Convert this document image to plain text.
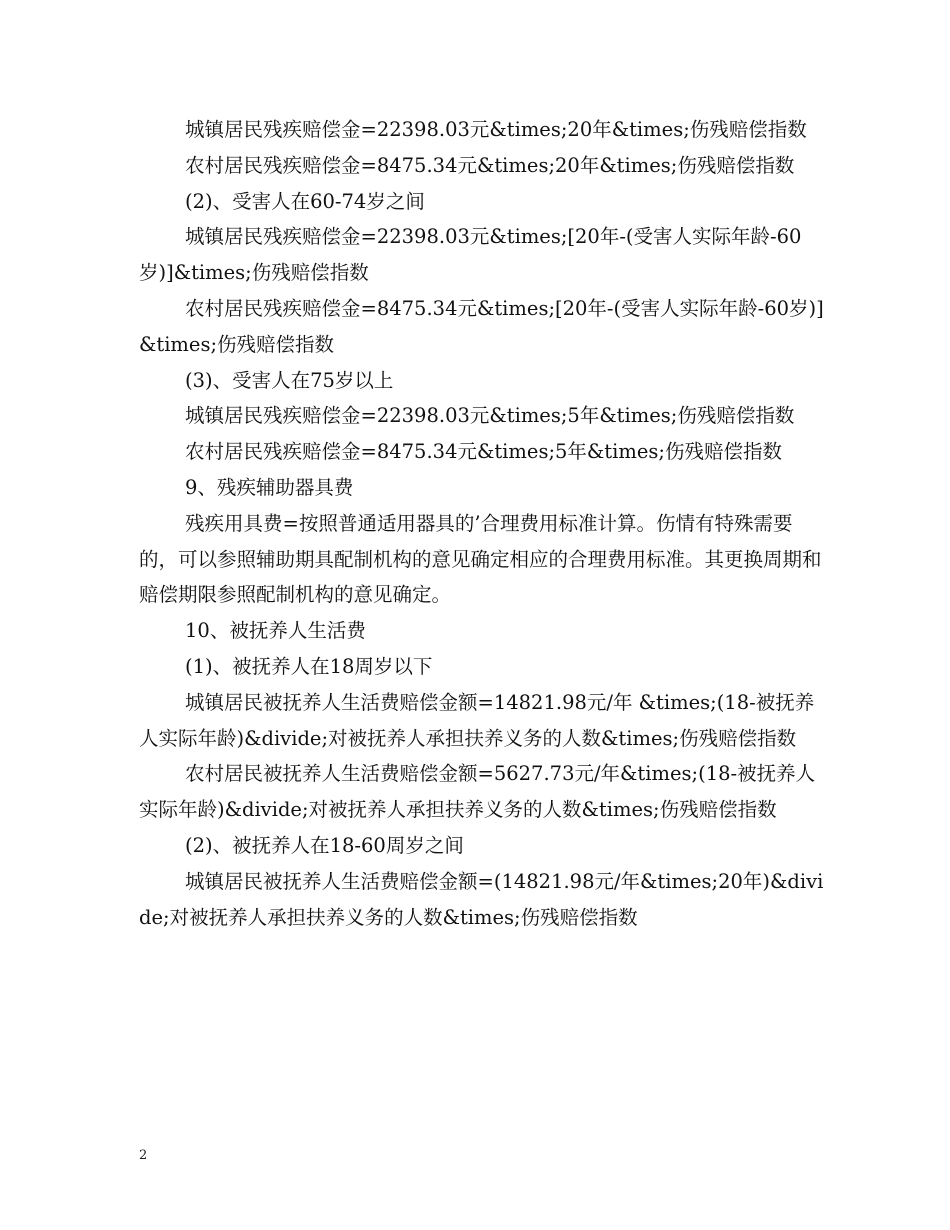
城镇居民残疾赔偿金=22398.03元&times;20年&times;伤残赔偿指数

农村居民残疾赔偿金=8475.34元&times;20年&times;伤残赔偿指数

(2)、受害人在60-74岁之间

城镇居民残疾赔偿金=22398.03元&times;[20年-(受害人实际年龄-60岁)]&times;伤残赔偿指数

农村居民残疾赔偿金=8475.34元&times;[20年-(受害人实际年龄-60岁)]&times;伤残赔偿指数

(3)、受害人在75岁以上

城镇居民残疾赔偿金=22398.03元&times;5年&times;伤残赔偿指数

农村居民残疾赔偿金=8475.34元&times;5年&times;伤残赔偿指数

9、残疾辅助器具费

残疾用具费=按照普通适用器具的’合理费用标准计算。伤情有特殊需要的，可以参照辅助期具配制机构的意见确定相应的合理费用标准。其更换周期和赔偿期限参照配制机构的意见确定。

10、被抚养人生活费

(1)、被抚养人在18周岁以下

城镇居民被抚养人生活费赔偿金额=14821.98元/年 &times;(18-被抚养人实际年龄)&divide;对被抚养人承担扶养义务的人数&times;伤残赔偿指数

农村居民被抚养人生活费赔偿金额=5627.73元/年&times;(18-被抚养人实际年龄)&divide;对被抚养人承担扶养义务的人数&times;伤残赔偿指数

(2)、被抚养人在18-60周岁之间

城镇居民被抚养人生活费赔偿金额=(14821.98元/年&times;20年)&divide;对被抚养人承担扶养义务的人数&times;伤残赔偿指数

2
